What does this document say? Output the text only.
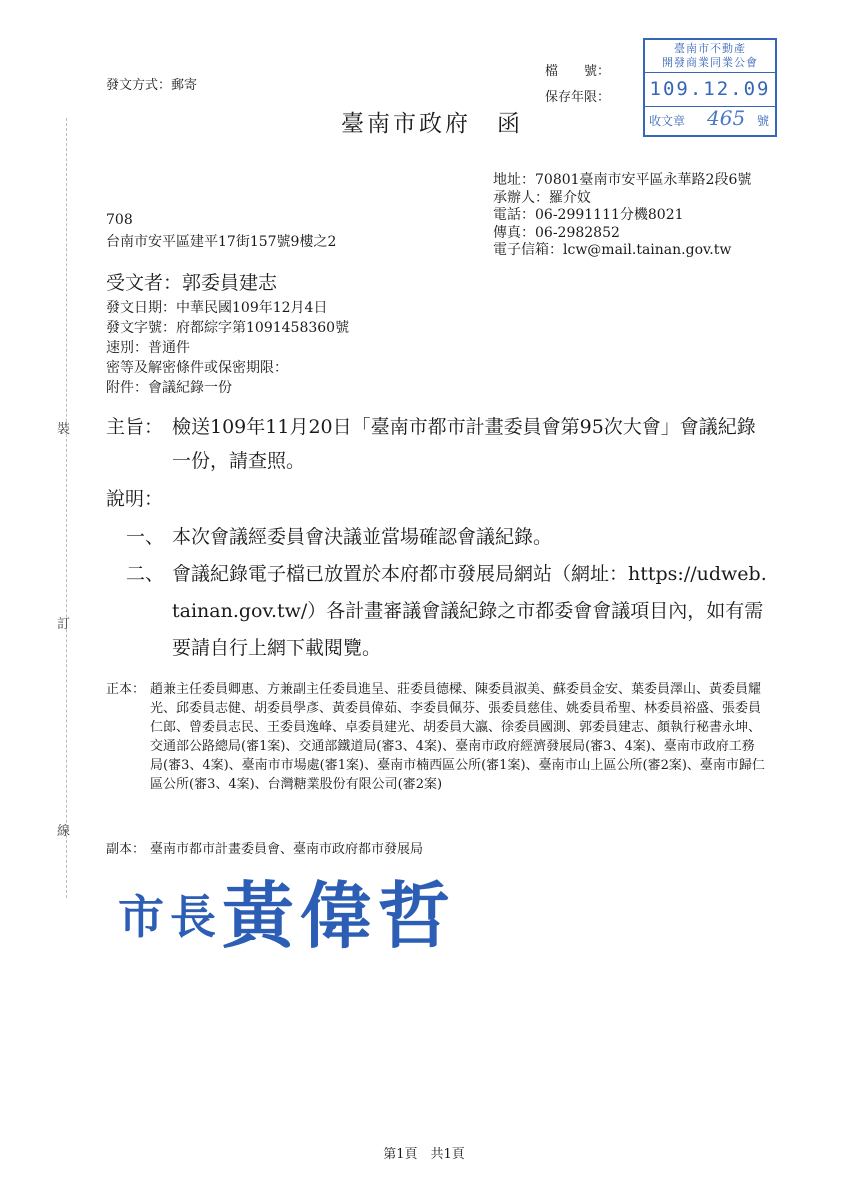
裝
訂
線
發文方式：郵寄
檔　　號：
保存年限：
臺南市政府　函
臺南市不動產
開發商業同業公會
109.12.09
收文章 465 號
地址：70801臺南市安平區永華路2段6號
承辦人：羅介妏
電話：06-2991111分機8021
傳真：06-2982852
電子信箱：lcw@mail.tainan.gov.tw
708
台南市安平區建平17街157號9樓之2
受文者：郭委員建志
發文日期：中華民國109年12月4日
發文字號：府都綜字第1091458360號
速別：普通件
密等及解密條件或保密期限：
附件：會議紀錄一份
主旨： 檢送109年11月20日「臺南市都市計畫委員會第95次大會」會議紀錄一份，請查照。
說明：
一、 本次會議經委員會決議並當場確認會議紀錄。
二、 會議紀錄電子檔已放置於本府都市發展局網站（網址：https://udweb.tainan.gov.tw/）各計畫審議會議紀錄之市都委會會議項目內，如有需要請自行上網下載閱覽。
正本： 趙兼主任委員卿惠、方兼副主任委員進呈、莊委員德樑、陳委員淑美、蘇委員金安、葉委員澤山、黃委員耀光、邱委員志健、胡委員學彥、黃委員偉茹、李委員佩芬、張委員慈佳、姚委員希聖、林委員裕盛、張委員仁郎、曾委員志民、王委員逸峰、卓委員建光、胡委員大瀛、徐委員國測、郭委員建志、顏執行秘書永坤、交通部公路總局(審1案)、交通部鐵道局(審3、4案)、臺南市政府經濟發展局(審3、4案)、臺南市政府工務局(審3、4案)、臺南市市場處(審1案)、臺南市楠西區公所(審1案)、臺南市山上區公所(審2案)、臺南市歸仁區公所(審3、4案)、台灣糖業股份有限公司(審2案)
副本： 臺南市都市計畫委員會、臺南市政府都市發展局
市長黃偉哲
第1頁　共1頁
